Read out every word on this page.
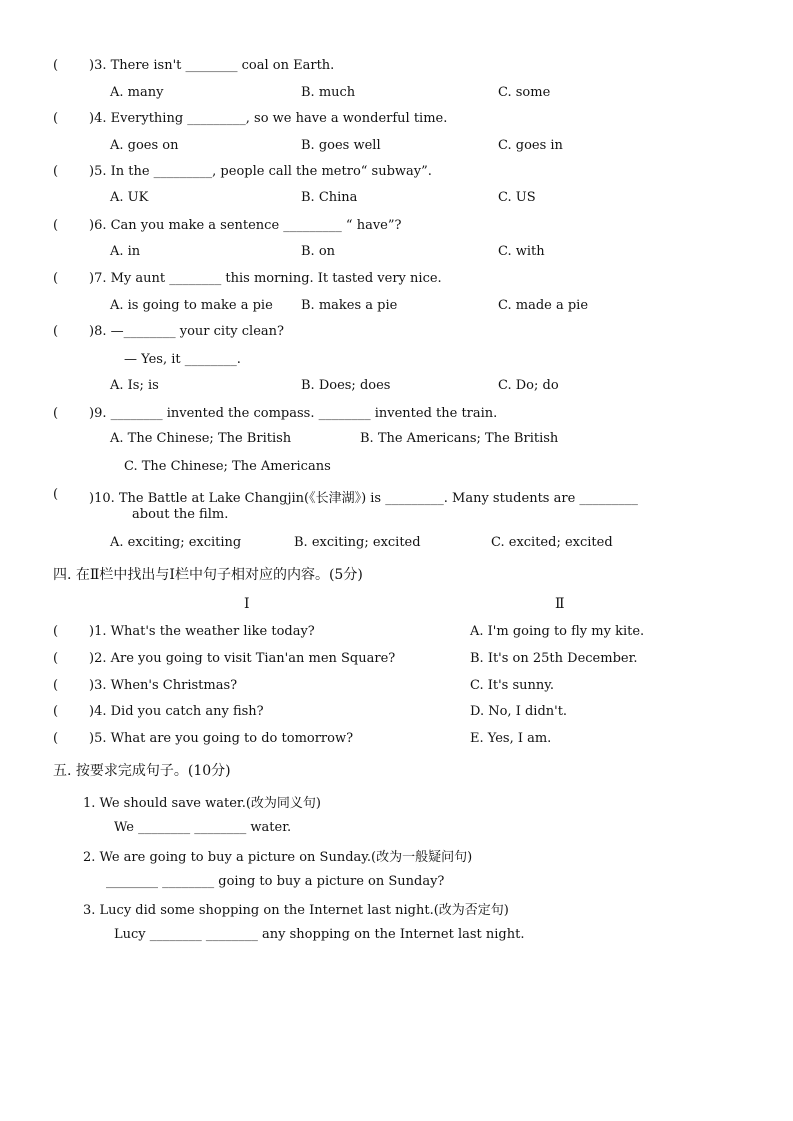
( )3. There isn't ________ coal on Earth.
A. many	B. much	C. some
( )4. Everything _________, so we have a wonderful time.
A. goes on	B. goes well	C. goes in
( )5. In the _________, people call the metro“ subway”.
A. UK	B. China	C. US
( )6. Can you make a sentence _________ “ have”?
A. in	B. on	C. with
( )7. My aunt ________ this morning. It tasted very nice.
A. is going to make a pie B. makes a pie	C. made a pie
( )8. —________ your city clean?
— Yes, it ________.
A. Is; is	B. Does; does	C. Do; do
( )9. ________ invented the compass. ________ invented the train.
A. The Chinese; The British	B. The Americans; The British
C. The Chinese; The Americans
( )10. The Battle at Lake Changjin(《长津湖》) is _________. Many students are _________
about the film.
A. exciting; exciting	B. exciting; excited	C. excited; excited
四. 在Ⅱ栏中找出与Ⅰ栏中句子相对应的内容。(5分)
Ⅰ	Ⅱ
( )1. What's the weather like today?	A. I'm going to fly my kite.
( )2. Are you going to visit Tian'an men Square?	B. It's on 25th December.
( )3. When's Christmas?	C. It's sunny.
( )4. Did you catch any fish?	D. No, I didn't.
( )5. What are you going to do tomorrow?	E. Yes, I am.
五. 按要求完成句子。(10分)
1. We should save water.(改为同义句)
We ________ ________ water.
2. We are going to buy a picture on Sunday.(改为一般疑问句)
________ ________ going to buy a picture on Sunday?
3. Lucy did some shopping on the Internet last night.(改为否定句)
Lucy ________ ________ any shopping on the Internet last night.
